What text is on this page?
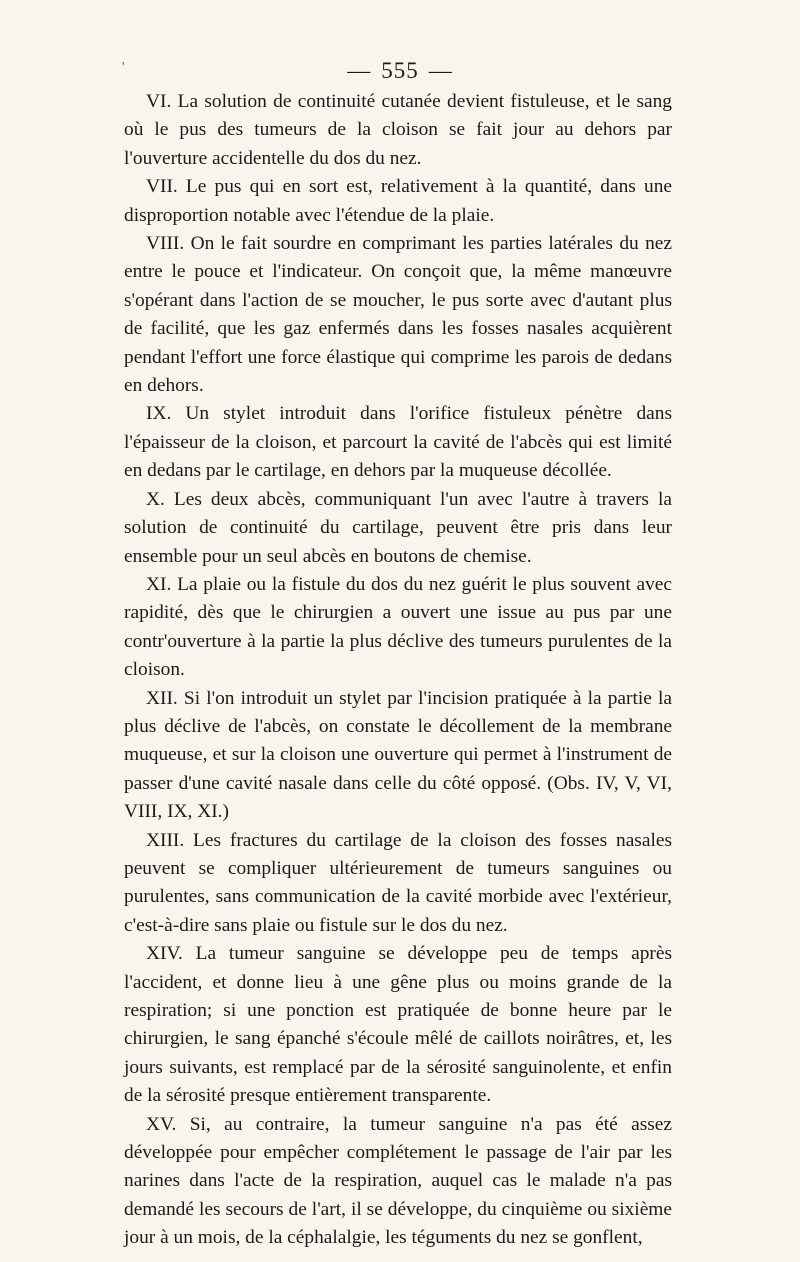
'	— 555 —

VI. La solution de continuité cutanée devient fistuleuse, et le sang où le pus des tumeurs de la cloison se fait jour au dehors par l'ouverture accidentelle du dos du nez.

VII. Le pus qui en sort est, relativement à la quantité, dans une disproportion notable avec l'étendue de la plaie.

VIII. On le fait sourdre en comprimant les parties latérales du nez entre le pouce et l'indicateur. On conçoit que, la même manœuvre s'opérant dans l'action de se moucher, le pus sorte avec d'autant plus de facilité, que les gaz enfermés dans les fosses nasales acquièrent pendant l'effort une force élastique qui comprime les parois de dedans en dehors.

IX. Un stylet introduit dans l'orifice fistuleux pénètre dans l'épaisseur de la cloison, et parcourt la cavité de l'abcès qui est limité en dedans par le cartilage, en dehors par la muqueuse décollée.

X. Les deux abcès, communiquant l'un avec l'autre à travers la solution de continuité du cartilage, peuvent être pris dans leur ensemble pour un seul abcès en boutons de chemise.

XI. La plaie ou la fistule du dos du nez guérit le plus souvent avec rapidité, dès que le chirurgien a ouvert une issue au pus par une contr'ouverture à la partie la plus déclive des tumeurs purulentes de la cloison.

XII. Si l'on introduit un stylet par l'incision pratiquée à la partie la plus déclive de l'abcès, on constate le décollement de la membrane muqueuse, et sur la cloison une ouverture qui permet à l'instrument de passer d'une cavité nasale dans celle du côté opposé. (Obs. IV, V, VI, VIII, IX, XI.)

XIII. Les fractures du cartilage de la cloison des fosses nasales peuvent se compliquer ultérieurement de tumeurs sanguines ou purulentes, sans communication de la cavité morbide avec l'extérieur, c'est-à-dire sans plaie ou fistule sur le dos du nez.

XIV. La tumeur sanguine se développe peu de temps après l'accident, et donne lieu à une gêne plus ou moins grande de la respiration; si une ponction est pratiquée de bonne heure par le chirurgien, le sang épanché s'écoule mêlé de caillots noirâtres, et, les jours suivants, est remplacé par de la sérosité sanguinolente, et enfin de la sérosité presque entièrement transparente.

XV. Si, au contraire, la tumeur sanguine n'a pas été assez développée pour empêcher complétement le passage de l'air par les narines dans l'acte de la respiration, auquel cas le malade n'a pas demandé les secours de l'art, il se développe, du cinquième ou sixième jour à un mois, de la céphalalgie, les téguments du nez se gonflent,
